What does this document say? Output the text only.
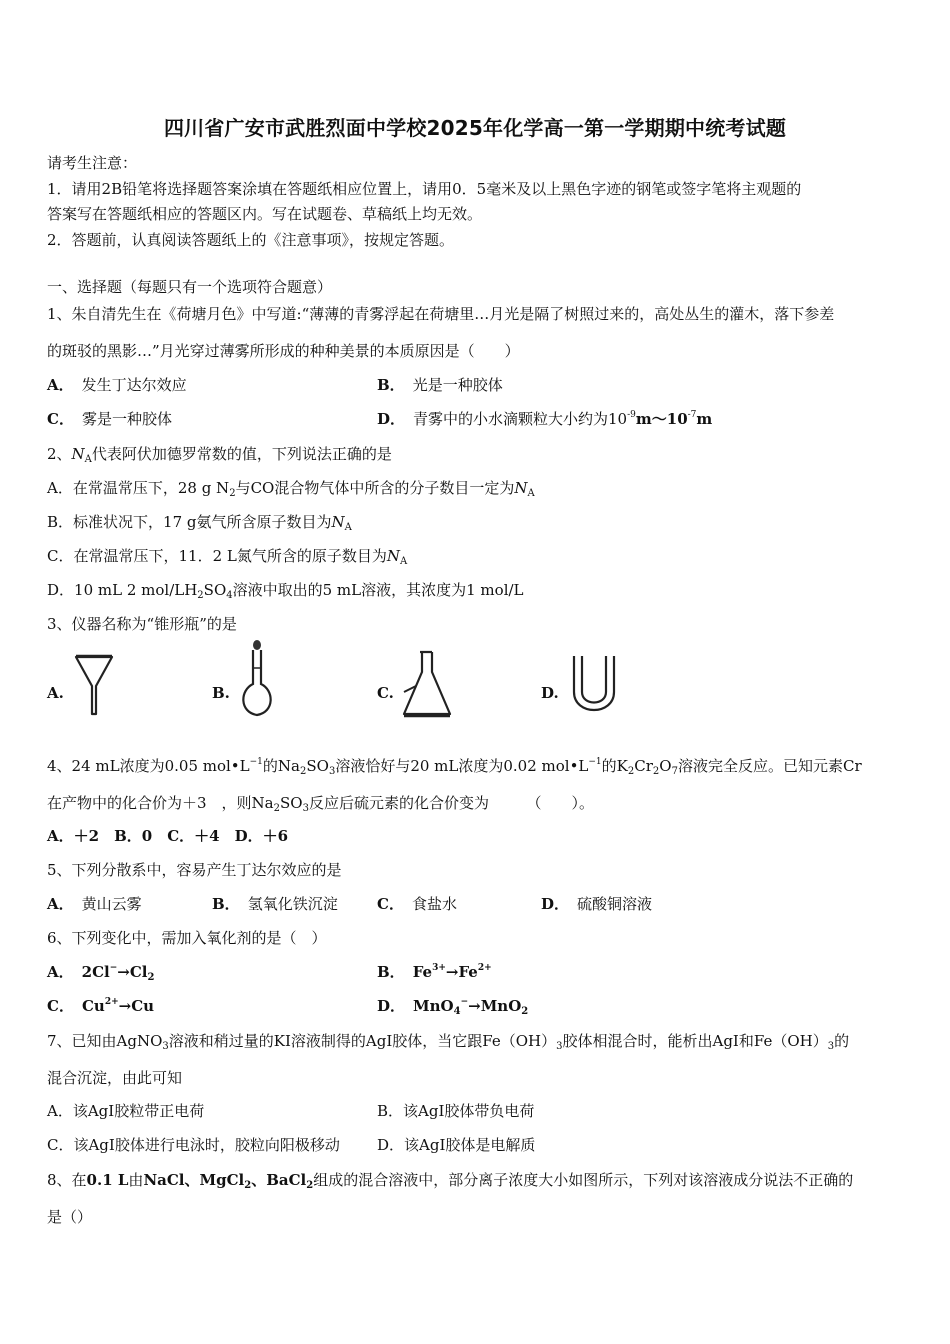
四川省广安市武胜烈面中学校2025年化学高一第一学期期中统考试题
请考生注意：
1．请用2B铅笔将选择题答案涂填在答题纸相应位置上，请用0．5毫米及以上黑色字迹的钢笔或签字笔将主观题的
答案写在答题纸相应的答题区内。写在试题卷、草稿纸上均无效。
2．答题前，认真阅读答题纸上的《注意事项》，按规定答题。
一、选择题（每题只有一个选项符合题意）
1、朱自清先生在《荷塘月色》中写道:“薄薄的青雾浮起在荷塘里…月光是隔了树照过来的，高处丛生的灌木，落下参差
的斑驳的黑影…”月光穿过薄雾所形成的种种美景的本质原因是（　　）
A． 发生丁达尔效应	B． 光是一种胶体
C． 雾是一种胶体	D． 青雾中的小水滴颗粒大小约为$10^{-9}m\sim 10^{-7}m$
2、$N_A$代表阿伏加德罗常数的值，下列说法正确的是
A．在常温常压下，28 g $N_2$与CO混合物气体中所含的分子数目一定为$N_A$
B．标准状况下，17 g氨气所含原子数目为$N_A$
C．在常温常压下，11．2 L氮气所含的原子数目为$N_A$
D．10 mL 2 mol/$LH_2SO_4$溶液中取出的5 mL溶液，其浓度为1 mol/L
3、仪器名称为“锥形瓶”的是
A.	B.	C.	D.
4、24 mL浓度为0.05 $mol•L^{-1}$的$Na_2SO_3$溶液恰好与20 mL浓度为0.02 $mol•L^{-1}$的$K_2Cr_2O_7$溶液完全反应。已知元素Cr
在产物中的化合价为＋3　，则$Na_2SO_3$反应后硫元素的化合价变为　　　（　　）。
A．＋2　B．0　C．＋4　D．＋6
5、下列分散系中，容易产生丁达尔效应的是
A． 黄山云雾	B． 氢氧化铁沉淀	C． 食盐水	D． 硫酸铜溶液
6、下列变化中，需加入氧化剂的是（　）
A． $2Cl^-\to Cl_2$	B． $Fe^{3+}\to Fe^{2+}$
C． $Cu^{2+}\to Cu$	D． MnO$_4$−→MnO$_2$
7、已知由AgNO$_3$溶液和稍过量的KI溶液制得的AgI胶体，当它跟$Fe(OH)_3$胶体相混合时，能析出AgI和$Fe(OH)_3$的
混合沉淀，由此可知
A．该AgI胶粒带正电荷	B．该AgI胶体带负电荷
C．该AgI胶体进行电泳时，胶粒向阳极移动 D．该AgI胶体是电解质
8、在0.1 L由NaCl、MgCl$_2$、BaCl$_2$组成的混合溶液中，部分离子浓度大小如图所示，下列对该溶液成分说法不正确的
是（）
